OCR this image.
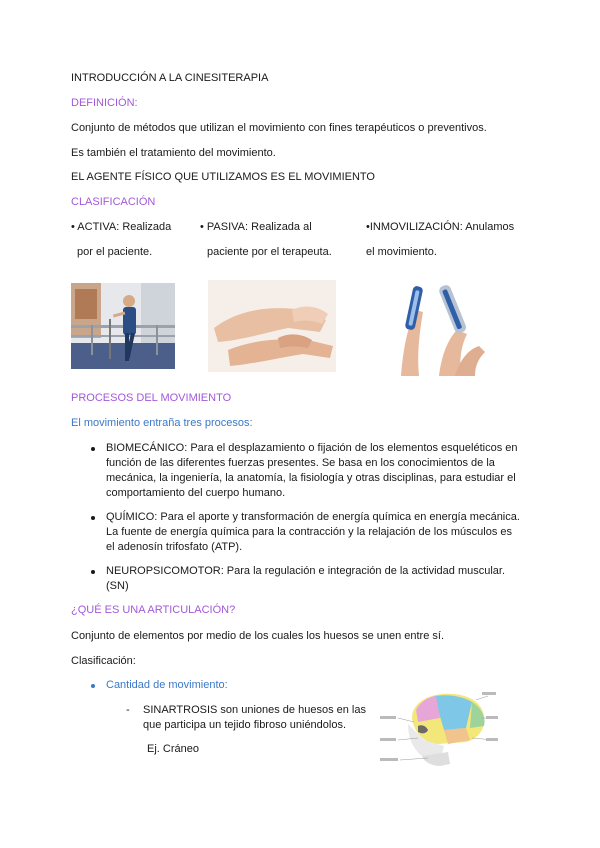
INTRODUCCIÓN A LA CINESITERAPIA
DEFINICIÓN:
Conjunto de métodos que utilizan el movimiento con fines terapéuticos o preventivos.
Es también el tratamiento del movimiento.
EL AGENTE FÍSICO QUE UTILIZAMOS ES EL MOVIMIENTO
CLASIFICACIÓN
• ACTIVA: Realizada
por el paciente.
• PASIVA: Realizada al
paciente por el terapeuta.
•INMOVILIZACIÓN: Anulamos
el movimiento.
PROCESOS DEL MOVIMIENTO
El movimiento entraña tres procesos:
BIOMECÁNICO: Para el desplazamiento o fijación de los elementos esqueléticos en
función de las diferentes fuerzas presentes. Se basa en los conocimientos de la
mecánica, la ingeniería, la anatomía, la fisiología y otras disciplinas, para estudiar el
comportamiento del cuerpo humano.
QUÍMICO: Para el aporte y transformación de energía química en energía mecánica.
La fuente de energía química para la contracción y la relajación de los músculos es
el adenosín trifosfato (ATP).
NEUROPSICOMOTOR: Para la regulación e integración de la actividad muscular.
(SN)
¿QUÉ ES UNA ARTICULACIÓN?
Conjunto de elementos por medio de los cuales los huesos se unen entre sí.
Clasificación:
Cantidad de movimiento:
- SINARTROSIS son uniones de huesos en las
que participa un tejido fibroso uniéndolos.
Ej. Cráneo
